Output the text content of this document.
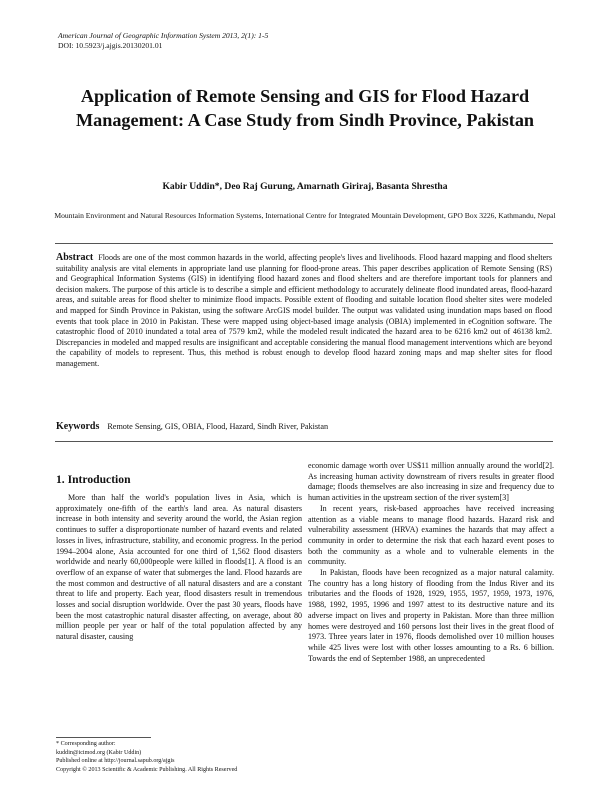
American Journal of Geographic Information System 2013, 2(1): 1-5
DOI: 10.5923/j.ajgis.20130201.01
Application of Remote Sensing and GIS for Flood Hazard Management: A Case Study from Sindh Province, Pakistan
Kabir Uddin*, Deo Raj Gurung, Amarnath Giriraj, Basanta Shrestha
Mountain Environment and Natural Resources Information Systems, International Centre for Integrated Mountain Development, GPO Box 3226, Kathmandu, Nepal
Abstract Floods are one of the most common hazards in the world, affecting people's lives and livelihoods. Flood hazard mapping and flood shelters suitability analysis are vital elements in appropriate land use planning for flood-prone areas. This paper describes application of Remote Sensing (RS) and Geographical Information Systems (GIS) in identifying flood hazard zones and flood shelters and are therefore important tools for planners and decision makers. The purpose of this article is to describe a simple and efficient methodology to accurately delineate flood inundated areas, flood-hazard areas, and suitable areas for flood shelter to minimize flood impacts. Possible extent of flooding and suitable location flood shelter sites were modeled and mapped for Sindh Province in Pakistan, using the software ArcGIS model builder. The output was validated using inundation maps based on flood events that took place in 2010 in Pakistan. These were mapped using object-based image analysis (OBIA) implemented in eCognition software. The catastrophic flood of 2010 inundated a total area of 7579 km2, while the modeled result indicated the hazard area to be 6216 km2 out of 46138 km2. Discrepancies in modeled and mapped results are insignificant and acceptable considering the manual flood management interventions which are beyond the capability of models to represent. Thus, this method is robust enough to develop flood hazard zoning maps and map shelter sites for flood management.
Keywords Remote Sensing, GIS, OBIA, Flood, Hazard, Sindh River, Pakistan
1. Introduction

More than half the world's population lives in Asia, which is approximately one-fifth of the earth's land area. As natural disasters increase in both intensity and severity around the world, the Asian region continues to suffer a disproportionate number of hazard events and related losses in lives, infrastructure, stability, and economic progress. In the period 1994–2004 alone, Asia accounted for one third of 1,562 flood disasters worldwide and nearly 60,000people were killed in floods[1]. A flood is an overflow of an expanse of water that submerges the land. Flood hazards are the most common and destructive of all natural disasters and are a constant threat to life and property. Each year, flood disasters result in tremendous losses and social disruption worldwide. Over the past 30 years, floods have been the most catastrophic natural disaster affecting, on average, about 80 million people per year or half of the total population affected by any natural disaster, causing

economic damage worth over US$11 million annually around the world[2]. As increasing human activity downstream of rivers results in greater flood damage; floods themselves are also increasing in size and frequency due to human activities in the upstream section of the river system[3]

In recent years, risk-based approaches have received increasing attention as a viable means to manage flood hazards. Hazard risk and vulnerability assessment (HRVA) examines the hazards that may affect a community in order to determine the risk that each hazard event poses to both the community as a whole and to vulnerable elements in the community.

In Pakistan, floods have been recognized as a major natural calamity. The country has a long history of flooding from the Indus River and its tributaries and the floods of 1928, 1929, 1955, 1957, 1959, 1973, 1976, 1988, 1992, 1995, 1996 and 1997 attest to its destructive nature and its adverse impact on lives and property in Pakistan. More than three million homes were destroyed and 160 persons lost their lives in the great flood of 1973. Three years later in 1976, floods demolished over 10 million houses while 425 lives were lost with other losses amounting to a Rs. 6 billion. Towards the end of September 1988, an unprecedented

* Corresponding author:
kuddin@icimod.org (Kabir Uddin)
Published online at http://journal.sapub.org/ajgis
Copyright © 2013 Scientific & Academic Publishing. All Rights Reserved
